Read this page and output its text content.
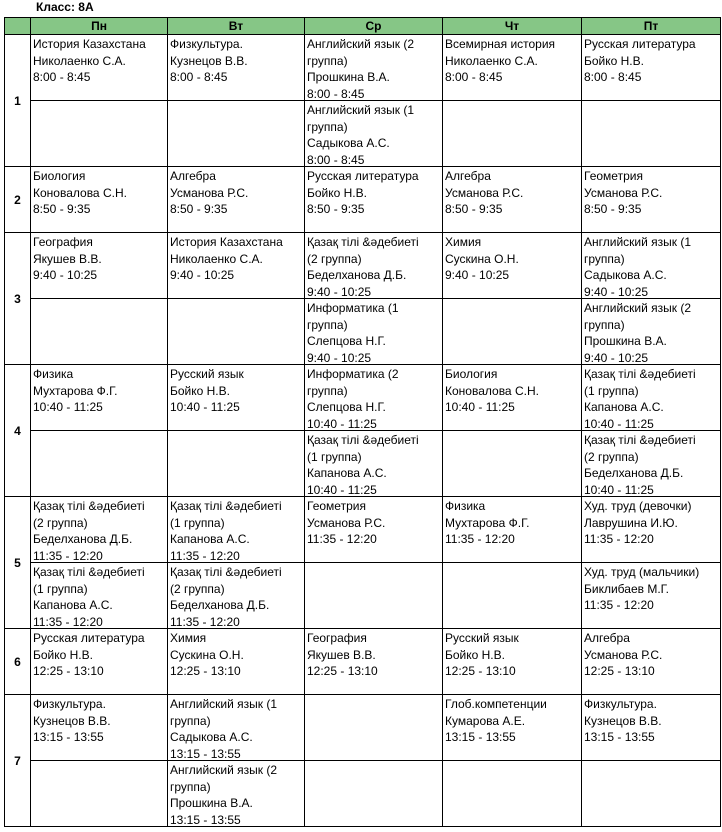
Класс: 8А
	Пн	Вт	Ср	Чт	Пт
1	История Казахстана
Николаенко С.А.
8:00 - 8:45	Физкультура.
Кузнецов В.В.
8:00 - 8:45	Английский язык (2
группа)
Прошкина В.А.
8:00 - 8:45	Всемирная история
Николаенко С.А.
8:00 - 8:45	Русская литература
Бойко Н.В.
8:00 - 8:45

			Английский язык (1
группа)
Садыкова А.С.
8:00 - 8:45		

2	Биология
Коновалова С.Н.
8:50 - 9:35	Алгебра
Усманова Р.С.
8:50 - 9:35	Русская литература
Бойко Н.В.
8:50 - 9:35	Алгебра
Усманова Р.С.
8:50 - 9:35	Геометрия
Усманова Р.С.
8:50 - 9:35

3	География
Якушев В.В.
9:40 - 10:25	История Казахстана
Николаенко С.А.
9:40 - 10:25	Қазақ тілі &әдебиеті
(2 группа)
Беделханова Д.Б.
9:40 - 10:25	Химия
Сускина О.Н.
9:40 - 10:25	Английский язык (1
группа)
Садыкова А.С.
9:40 - 10:25

			Информатика (1
группа)
Слепцова Н.Г.
9:40 - 10:25		Английский язык (2
группа)
Прошкина В.А.
9:40 - 10:25

4	Физика
Мухтарова Ф.Г.
10:40 - 11:25	Русский язык
Бойко Н.В.
10:40 - 11:25	Информатика (2
группа)
Слепцова Н.Г.
10:40 - 11:25	Биология
Коновалова С.Н.
10:40 - 11:25	Қазақ тілі &әдебиеті
(1 группа)
Капанова А.С.
10:40 - 11:25

			Қазақ тілі &әдебиеті
(1 группа)
Капанова А.С.
10:40 - 11:25		Қазақ тілі &әдебиеті
(2 группа)
Беделханова Д.Б.
10:40 - 11:25

5	Қазақ тілі &әдебиеті
(2 группа)
Беделханова Д.Б.
11:35 - 12:20	Қазақ тілі &әдебиеті
(1 группа)
Капанова А.С.
11:35 - 12:20	Геометрия
Усманова Р.С.
11:35 - 12:20	Физика
Мухтарова Ф.Г.
11:35 - 12:20	Худ. труд (девочки)
Лаврушина И.Ю.
11:35 - 12:20

	Қазақ тілі &әдебиеті
(1 группа)
Капанова А.С.
11:35 - 12:20	Қазақ тілі &әдебиеті
(2 группа)
Беделханова Д.Б.
11:35 - 12:20			Худ. труд (мальчики)
Биклибаев М.Г.
11:35 - 12:20

6	Русская литература
Бойко Н.В.
12:25 - 13:10	Химия
Сускина О.Н.
12:25 - 13:10	География
Якушев В.В.
12:25 - 13:10	Русский язык
Бойко Н.В.
12:25 - 13:10	Алгебра
Усманова Р.С.
12:25 - 13:10

7	Физкультура.
Кузнецов В.В.
13:15 - 13:55	Английский язык (1
группа)
Садыкова А.С.
13:15 - 13:55		Глоб.компетенции
Кумарова А.Е.
13:15 - 13:55	Физкультура.
Кузнецов В.В.
13:15 - 13:55

		Английский язык (2
группа)
Прошкина В.А.
13:15 - 13:55			
